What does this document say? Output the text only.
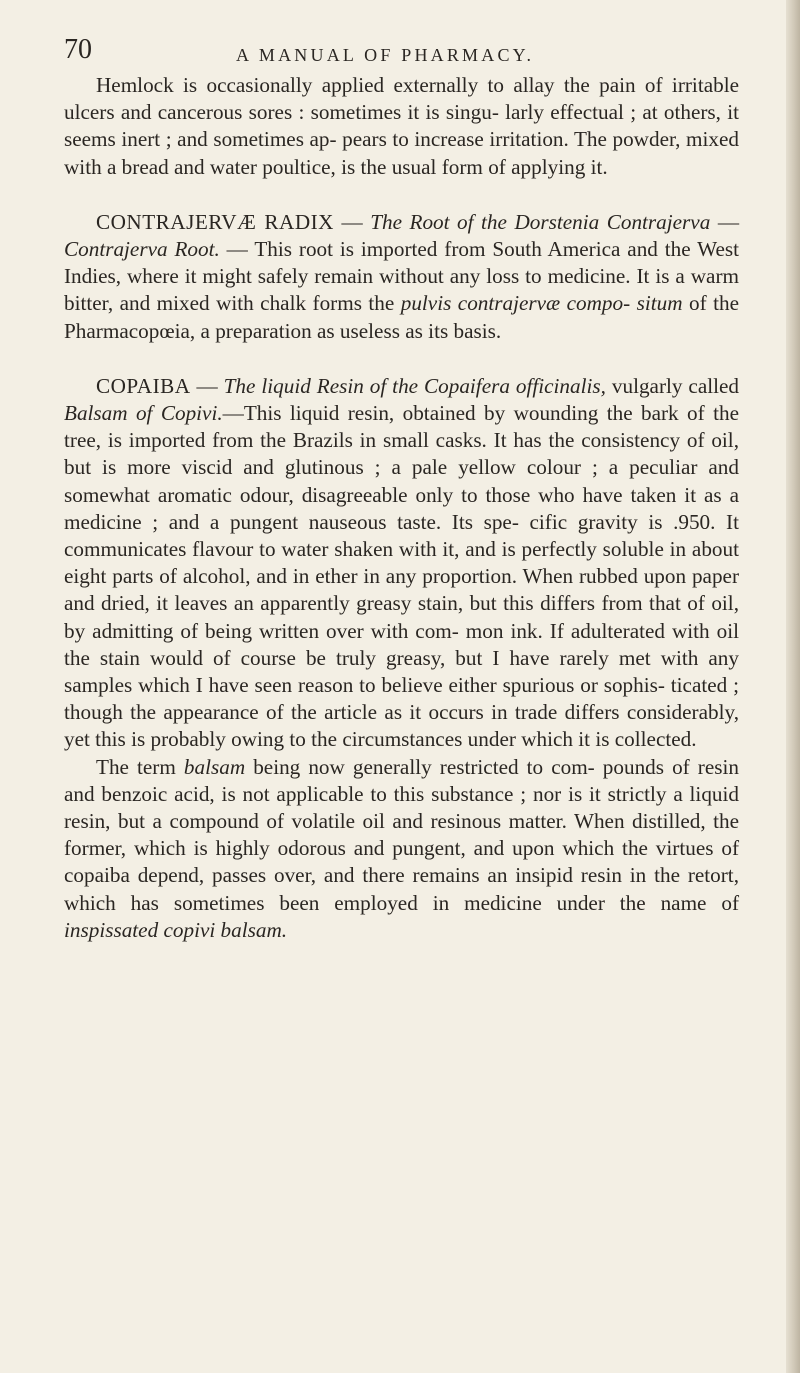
70	A MANUAL OF PHARMACY.

Hemlock is occasionally applied externally to allay the pain of irritable ulcers and cancerous sores : sometimes it is singu- larly effectual ; at others, it seems inert ; and sometimes ap- pears to increase irritation. The powder, mixed with a bread and water poultice, is the usual form of applying it.

CONTRAJERVÆ RADIX — The Root of the Dorstenia Contrajerva —Contrajerva Root. — This root is imported from South America and the West Indies, where it might safely remain without any loss to medicine. It is a warm bitter, and mixed with chalk forms the pulvis contrajervæ compo- situm of the Pharmacopœia, a preparation as useless as its basis.

COPAIBA — The liquid Resin of the Copaifera officinalis, vulgarly called Balsam of Copivi.—This liquid resin, obtained by wounding the bark of the tree, is imported from the Brazils in small casks. It has the consistency of oil, but is more viscid and glutinous ; a pale yellow colour ; a peculiar and somewhat aromatic odour, disagreeable only to those who have taken it as a medicine ; and a pungent nauseous taste. Its spe- cific gravity is .950. It communicates flavour to water shaken with it, and is perfectly soluble in about eight parts of alcohol, and in ether in any proportion. When rubbed upon paper and dried, it leaves an apparently greasy stain, but this differs from that of oil, by admitting of being written over with com- mon ink. If adulterated with oil the stain would of course be truly greasy, but I have rarely met with any samples which I have seen reason to believe either spurious or sophis- ticated ; though the appearance of the article as it occurs in trade differs considerably, yet this is probably owing to the circumstances under which it is collected.

The term balsam being now generally restricted to com- pounds of resin and benzoic acid, is not applicable to this substance ; nor is it strictly a liquid resin, but a compound of volatile oil and resinous matter. When distilled, the former, which is highly odorous and pungent, and upon which the virtues of copaiba depend, passes over, and there remains an insipid resin in the retort, which has sometimes been employed in medicine under the name of inspissated copivi balsam.
